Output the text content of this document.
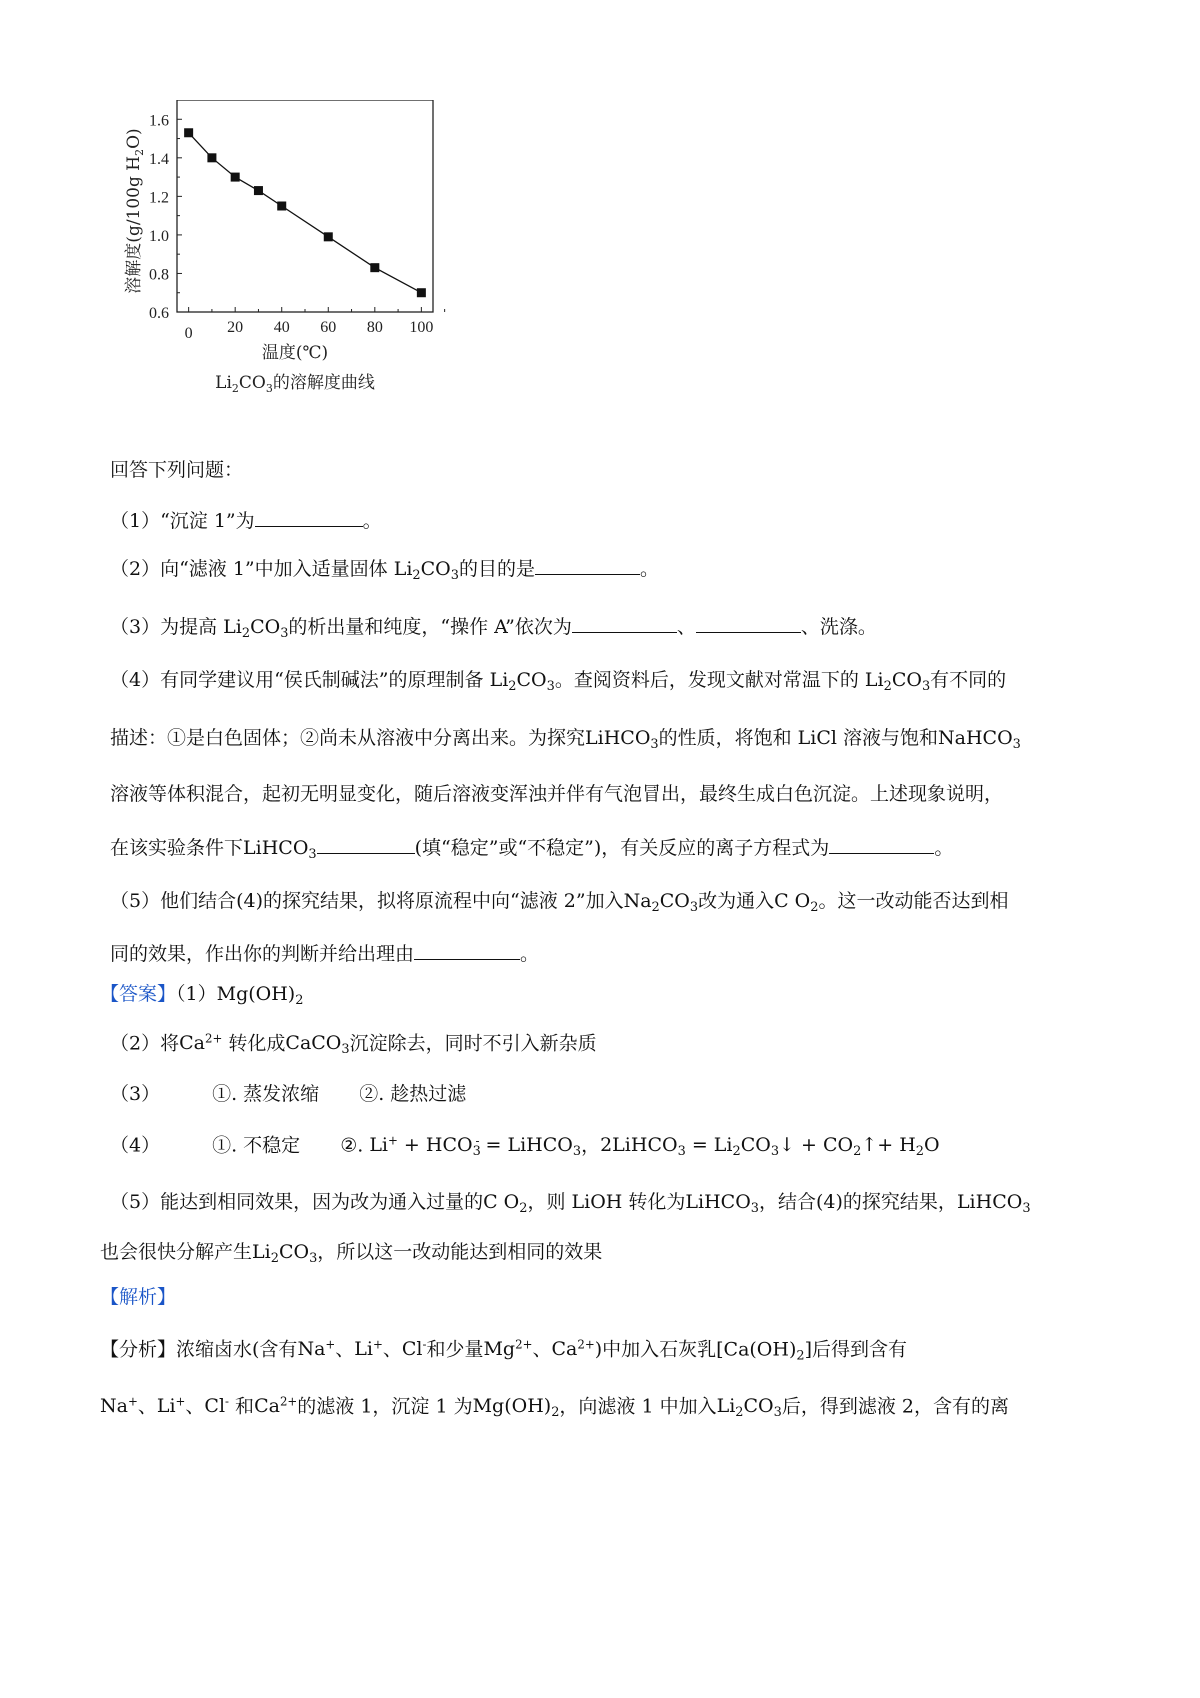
0.6
0.8
1.0
1.2
1.4
1.6
0 20 40 60 80 100
温度(℃)
$Li_2CO_3$的溶解度曲线
溶解度(g/100g $H_2O$)
回答下列问题：
（1）“沉淀 1”为	。
（2）向“滤液 1”中加入适量固体 $Li_2CO_3$的目的是	。
（3）为提高 $Li_2CO_3$的析出量和纯度，“操作 A”依次为	、	、洗涤。
（4）有同学建议用“侯氏制碱法”的原理制备 $Li_2CO_3$。查阅资料后，发现文献对常温下的 $Li_2CO_3$有不同的
描述：①是白色固体；②尚未从溶液中分离出来。为探究LiHCO$_3$的性质，将饱和 LiCl 溶液与饱和NaHCO$_3$
溶液等体积混合，起初无明显变化，随后溶液变浑浊并伴有气泡冒出，最终生成白色沉淀。上述现象说明，
在该实验条件下LiHCO$_3$	(填“稳定”或“不稳定”)，有关反应的离子方程式为	。
（5）他们结合(4)的探究结果，拟将原流程中向“滤液 2”加入$Na_2CO_3$改为通入C $O_2$。这一改动能否达到相
同的效果，作出你的判断并给出理由	。
【答案】$(1)Mg(OH)_2$
（2）将$Ca^{2+}$ 转化成CaCO$_3$沉淀除去，同时不引入新杂质
（3）	①. 蒸发浓缩 ②. 趁热过滤
（4）	①. 不稳定 ②. $Li^+ + HCO_3^-$ = LiHCO$_3$，2LiHCO$_3$ = $Li_2CO_3↓$ + $CO_2↑+ H_2O$
（5）能达到相同效果，因为改为通入过量的C $O_2$，则 LiOH 转化为LiHCO$_3$，结合(4)的探究结果，LiHCO$_3$
也会很快分解产生$Li_2CO_3$，所以这一改动能达到相同的效果
【解析】
【分析】浓缩卤水(含有Na+、Li+、Cl-和少量$Mg^{2+}$、$Ca^{2+}$)中加入石灰乳$[Ca(OH)_2]$后得到含有
Na+、Li+、Cl- 和$Ca^{2+}$的滤液 1，沉淀 1 为$Mg(OH)_2$，向滤液 1 中加入$Li_2CO_3$后，得到滤液 2，含有的离
